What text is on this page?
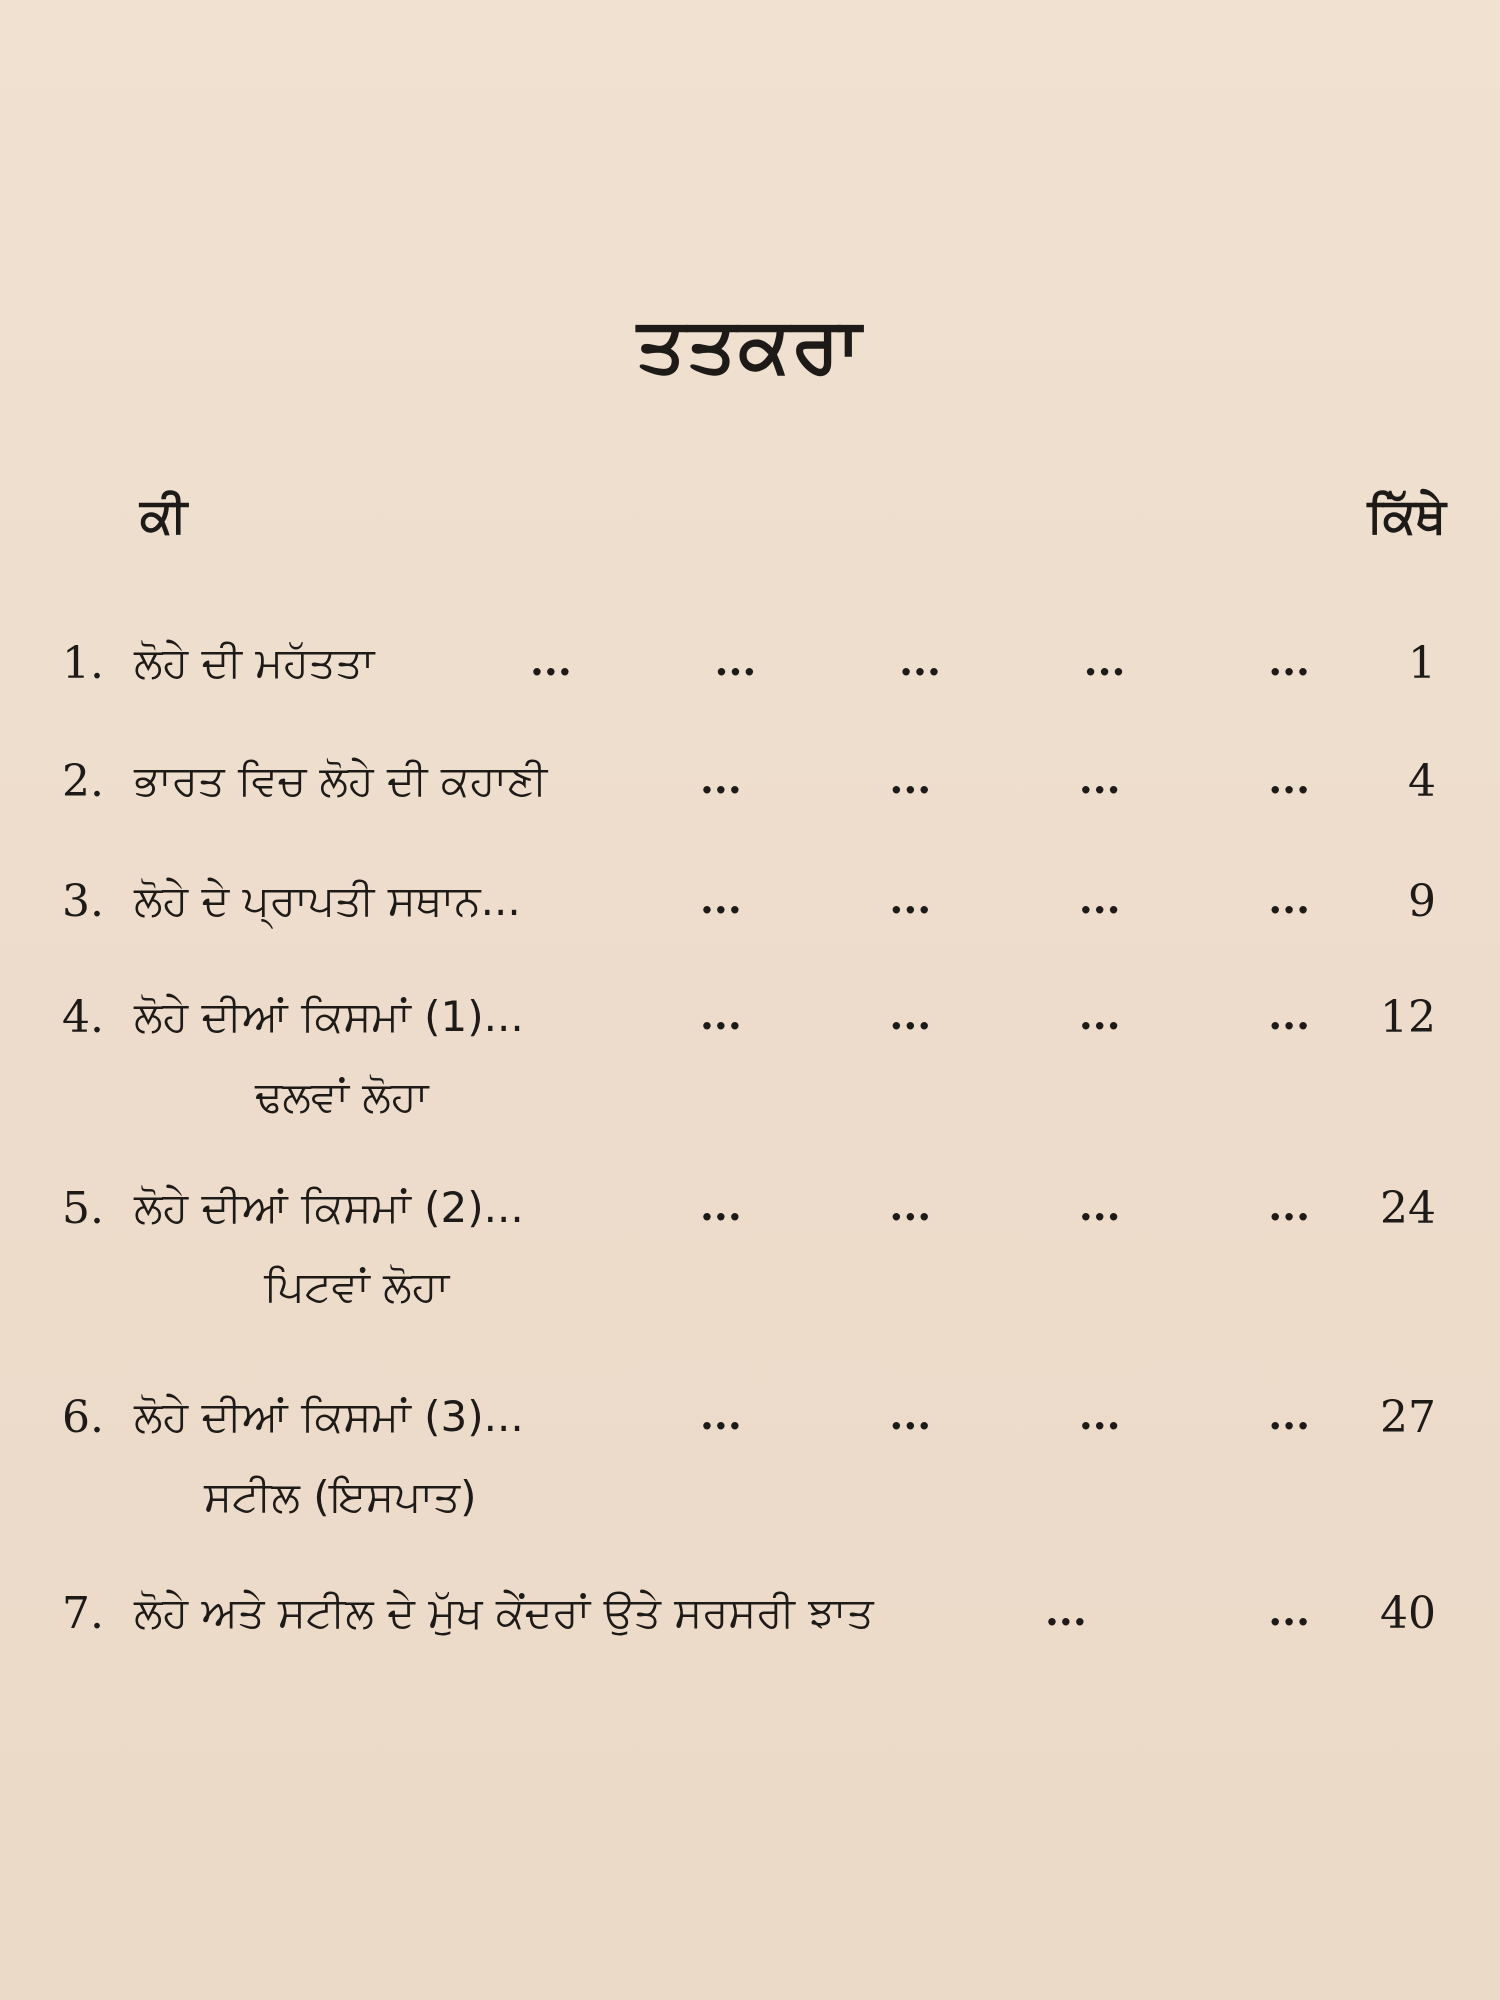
ਤਤਕਰਾ
ਕੀ	ਕਿੱਥੇ
1. ਲੋਹੇ ਦੀ ਮਹੱਤਤਾ	...	...	...	...	... 1
2. ਭਾਰਤ ਵਿਚ ਲੋਹੇ ਦੀ ਕਹਾਣੀ	...	...	...	... 4
3. ਲੋਹੇ ਦੇ ਪ੍ਰਾਪਤੀ ਸਥਾਨ...	...	...	...	... 9
4. ਲੋਹੇ ਦੀਆਂ ਕਿਸਮਾਂ (1)...	...	...	...	... 12
ਢਲਵਾਂ ਲੋਹਾ
5. ਲੋਹੇ ਦੀਆਂ ਕਿਸਮਾਂ (2)...	...	...	...	... 24
ਪਿਟਵਾਂ ਲੋਹਾ
6. ਲੋਹੇ ਦੀਆਂ ਕਿਸਮਾਂ (3)...	...	...	...	... 27
ਸਟੀਲ (ਇਸਪਾਤ)
7. ਲੋਹੇ ਅਤੇ ਸਟੀਲ ਦੇ ਮੁੱਖ ਕੇਂਦਰਾਂ ਉਤੇ ਸਰਸਰੀ ਝਾਤ	...	... 40
